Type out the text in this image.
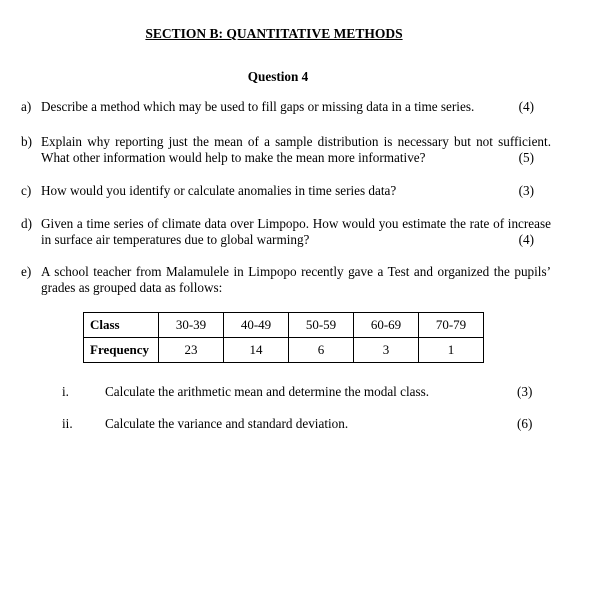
SECTION B: QUANTITATIVE METHODS
Question 4
a) Describe a method which may be used to fill gaps or missing data in a time series.	(4)
b) Explain why reporting just the mean of a sample distribution is necessary but not sufficient. What other information would help to make the mean more informative?	(5)
c) How would you identify or calculate anomalies in time series data?	(3)
d) Given a time series of climate data over Limpopo. How would you estimate the rate of increase in surface air temperatures due to global warming?	(4)
e) A school teacher from Malamulele in Limpopo recently gave a Test and organized the pupils’ grades as grouped data as follows:
Class	30-39	40-49	50-59	60-69	70-79
Frequency	23	14	6	3	1
i.	Calculate the arithmetic mean and determine the modal class.	(3)
ii. Calculate the variance and standard deviation.	(6)
